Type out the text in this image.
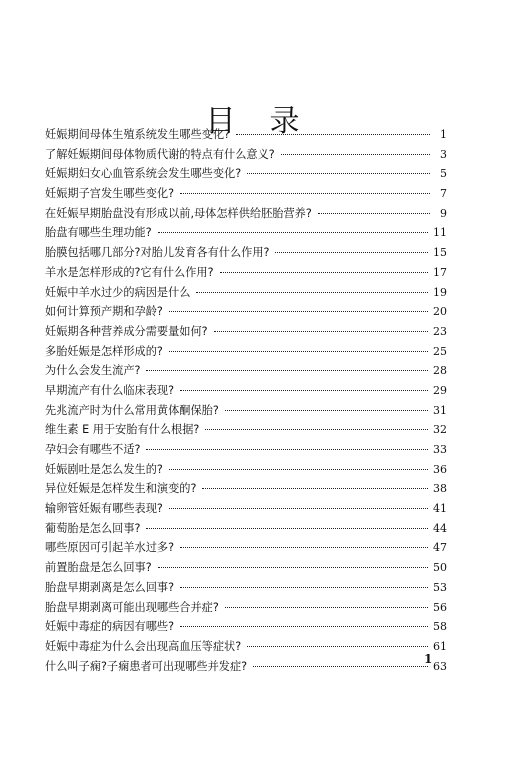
目录
妊娠期间母体生殖系统发生哪些变化?	1
了解妊娠期间母体物质代谢的特点有什么意义?	3
妊娠期妇女心血管系统会发生哪些变化?	5
妊娠期子宫发生哪些变化?	7
在妊娠早期胎盘没有形成以前,母体怎样供给胚胎营养?	9
胎盘有哪些生理功能?	11
胎膜包括哪几部分?对胎儿发育各有什么作用?	15
羊水是怎样形成的?它有什么作用?	17
妊娠中羊水过少的病因是什么	19
如何计算预产期和孕龄?	20
妊娠期各种营养成分需要量如何?	23
多胎妊娠是怎样形成的?	25
为什么会发生流产?	28
早期流产有什么临床表现?	29
先兆流产时为什么常用黄体酮保胎?	31
维生素 E 用于安胎有什么根据?	32
孕妇会有哪些不适?	33
妊娠剧吐是怎么发生的?	36
异位妊娠是怎样发生和演变的?	38
输卵管妊娠有哪些表现?	41
葡萄胎是怎么回事?	44
哪些原因可引起羊水过多?	47
前置胎盘是怎么回事?	50
胎盘早期剥离是怎么回事?	53
胎盘早期剥离可能出现哪些合并症?	56
妊娠中毒症的病因有哪些?	58
妊娠中毒症为什么会出现高血压等症状?	61
什么叫子痫?子痫患者可出现哪些并发症?	63
1
